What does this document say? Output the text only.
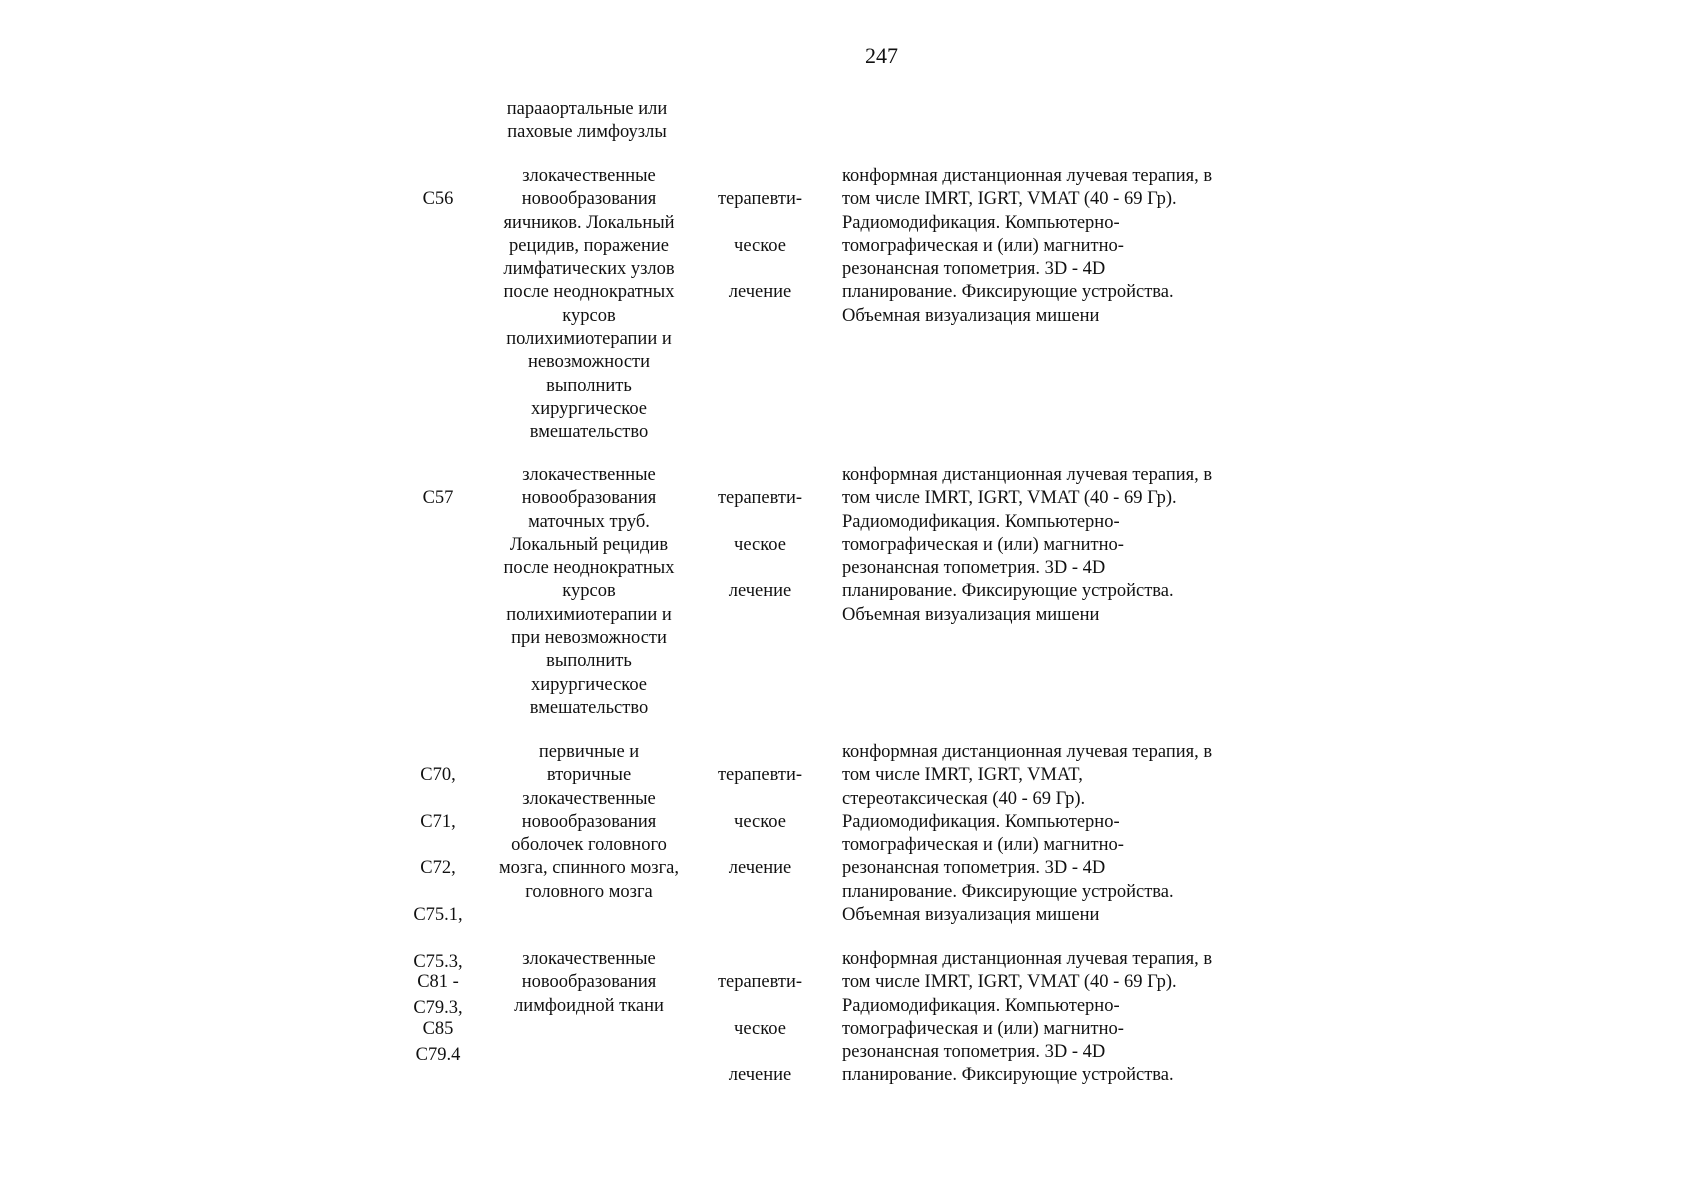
247
парааортальные или
паховые лимфоузлы

C56

злокачественные
новообразования
яичников. Локальный
рецидив, поражение
лимфатических узлов
после неоднократных
курсов
полихимиотерапии и
невозможности
выполнить
хирургическое
вмешательство

терапевти-

ческое

лечение

конформная дистанционная лучевая терапия, в
том числе IMRT, IGRT, VMAT (40 - 69 Гр).
Радиомодификация. Компьютерно-
томографическая и (или) магнитно-
резонансная топометрия. 3D - 4D
планирование. Фиксирующие устройства.
Объемная визуализация мишени

C57

злокачественные
новообразования
маточных труб.
Локальный рецидив
после неоднократных
курсов
полихимиотерапии и
при невозможности
выполнить
хирургическое
вмешательство

терапевти-

ческое

лечение

конформная дистанционная лучевая терапия, в
том числе IMRT, IGRT, VMAT (40 - 69 Гр).
Радиомодификация. Компьютерно-
томографическая и (или) магнитно-
резонансная топометрия. 3D - 4D
планирование. Фиксирующие устройства.
Объемная визуализация мишени

C70,

C71,

C72,

C75.1,

C75.3,

C79.3,

C79.4

первичные и
вторичные
злокачественные
новообразования
оболочек головного
мозга, спинного мозга,
головного мозга

терапевти-

ческое

лечение

конформная дистанционная лучевая терапия, в
том числе IMRT, IGRT, VMAT,
стереотаксическая (40 - 69 Гр).
Радиомодификация. Компьютерно-
томографическая и (или) магнитно-
резонансная топометрия. 3D - 4D
планирование. Фиксирующие устройства.
Объемная визуализация мишени

C81 -

C85

злокачественные
новообразования
лимфоидной ткани

терапевти-

ческое

лечение

конформная дистанционная лучевая терапия, в
том числе IMRT, IGRT, VMAT (40 - 69 Гр).
Радиомодификация. Компьютерно-
томографическая и (или) магнитно-
резонансная топометрия. 3D - 4D
планирование. Фиксирующие устройства.
